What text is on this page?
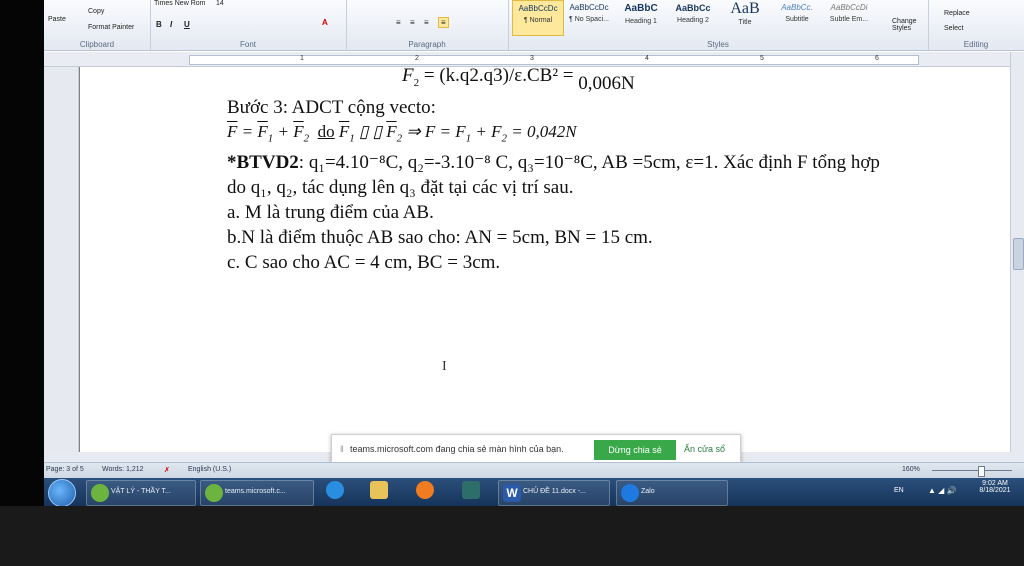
Paste
Copy
Format Painter
Clipboard
Times New Rom 14
B I U	A
Font
≡ ≡ ≡	≡
Paragraph
AaBbCcDc
¶ Normal
AaBbCcDc
¶ No Spaci...
AaBbC
Heading 1
AaBbCc
Heading 2
AaB
Title
AaBbCc.
Subtitle
AaBbCcDi
Subtle Em...	Change Styles
Styles
Replace
Select
Editing
1	2	3	4	5	6
$F_2 = (k.q2.q3)/\varepsilon.CB^2 = 0,006N$
Bước 3: ADCT cộng vecto:
$\overline{F} = \overline{F}_1 + \overline{F}_2$ do $\overline{F}_1$ ▯ ▯ $\overline{F}_2$ ⇒ $F = F_1 + F_2 = 0,042N$
*BTVD2: q₁=4.10⁻⁸C, q₂=-3.10⁻⁸ C, q₃=10⁻⁸C, AB =5cm, ε=1. Xác định F tổng hợp
do q₁, q₂, tác dụng lên q₃ đặt tại các vị trí sau.
a. M là trung điểm của AB.
b.N là điểm thuộc AB sao cho: AN = 5cm, BN = 15 cm.
c. C sao cho AC = 4 cm, BC = 3cm.
I
‖ teams.microsoft.com đang chia sẻ màn hình của bạn.	Dừng chia sẻ	Ẩn cửa sổ
Page: 3 of 5	Words: 1,212	✗	English (U.S.)	160%
VẬT LÝ - THẦY T...	teams.microsoft.c...	W CHỦ ĐỀ 11.docx -...	Zalo	EN	▲ ◢ 🔊
9:02 AM
8/18/2021
